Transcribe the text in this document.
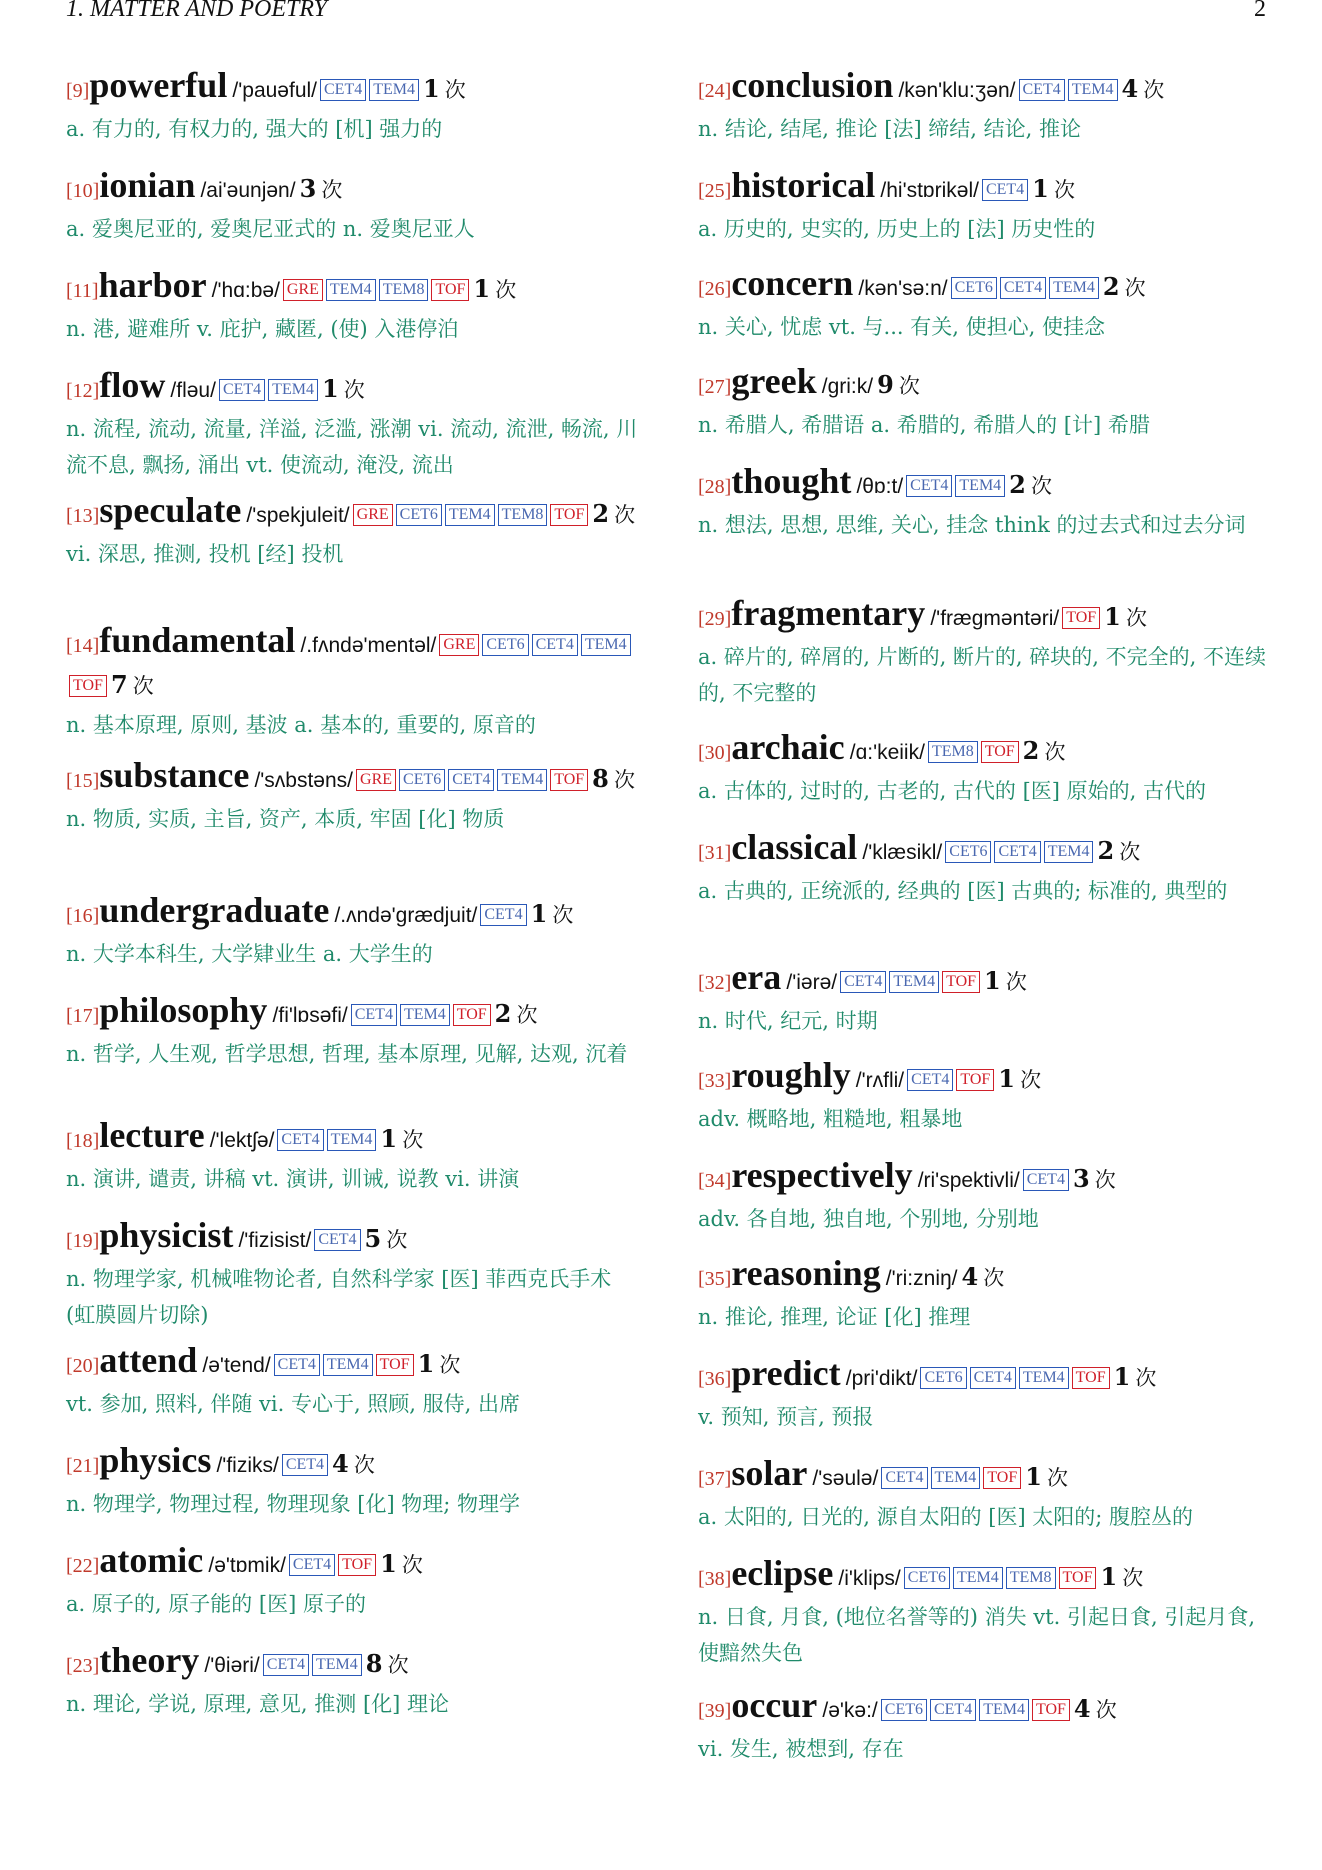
1. MATTER AND POETRY	2
[9]powerful /'pauəful/ CET4 TEM4 1 次
a. 有力的, 有权力的, 强大的 [机] 强力的
[10]ionian /ai'əunjən/ 3 次
a. 爱奥尼亚的, 爱奥尼亚式的 n. 爱奥尼亚人
[11]harbor /'hɑ:bə/ GRE TEM4 TEM8 TOF 1 次
n. 港, 避难所 v. 庇护, 藏匿, (使) 入港停泊
[12]flow /fləu/ CET4 TEM4 1 次
n. 流程, 流动, 流量, 洋溢, 泛滥, 涨潮 vi. 流动, 流泄, 畅流, 川流不息, 飘扬, 涌出 vt. 使流动, 淹没, 流出
[13]speculate /'spekjuleit/ GRE CET6 TEM4 TEM8 TOF 2 次
vi. 深思, 推测, 投机 [经] 投机
[14]fundamental /.fʌndə'mentəl/ GRE CET6 CET4 TEM4TOF 7 次
n. 基本原理, 原则, 基波 a. 基本的, 重要的, 原音的
[15]substance /'sʌbstəns/ GRE CET6 CET4 TEM4 TOF 8 次
n. 物质, 实质, 主旨, 资产, 本质, 牢固 [化] 物质
[16]undergraduate /.ʌndə'grædjuit/ CET4 1 次
n. 大学本科生, 大学肄业生 a. 大学生的
[17]philosophy /fi'lɒsəfi/ CET4 TEM4 TOF 2 次
n. 哲学, 人生观, 哲学思想, 哲理, 基本原理, 见解, 达观, 沉着
[18]lecture /'lektʃə/ CET4 TEM4 1 次
n. 演讲, 谴责, 讲稿 vt. 演讲, 训诫, 说教 vi. 讲演
[19]physicist /'fizisist/ CET4 5 次
n. 物理学家, 机械唯物论者, 自然科学家 [医] 菲西克氏手术 (虹膜圆片切除)
[20]attend /ə'tend/ CET4 TEM4 TOF 1 次
vt. 参加, 照料, 伴随 vi. 专心于, 照顾, 服侍, 出席
[21]physics /'fiziks/ CET4 4 次
n. 物理学, 物理过程, 物理现象 [化] 物理; 物理学
[22]atomic /ə'tɒmik/ CET4 TOF 1 次
a. 原子的, 原子能的 [医] 原子的
[23]theory /'θiəri/ CET4 TEM4 8 次
n. 理论, 学说, 原理, 意见, 推测 [化] 理论
[24]conclusion /kən'klu:ʒən/ CET4 TEM4 4 次
n. 结论, 结尾, 推论 [法] 缔结, 结论, 推论
[25]historical /hi'stɒrikəl/ CET4 1 次
a. 历史的, 史实的, 历史上的 [法] 历史性的
[26]concern /kən'sə:n/ CET6 CET4 TEM4 2 次
n. 关心, 忧虑 vt. 与... 有关, 使担心, 使挂念
[27]greek /gri:k/ 9 次
n. 希腊人, 希腊语 a. 希腊的, 希腊人的 [计] 希腊
[28]thought /θɒ:t/ CET4 TEM4 2 次
n. 想法, 思想, 思维, 关心, 挂念 think 的过去式和过去分词
[29]fragmentary /'frægməntəri/ TOF 1 次
a. 碎片的, 碎屑的, 片断的, 断片的, 碎块的, 不完全的, 不连续的, 不完整的
[30]archaic /ɑ:'keiik/ TEM8 TOF 2 次
a. 古体的, 过时的, 古老的, 古代的 [医] 原始的, 古代的
[31]classical /'klæsikl/ CET6 CET4 TEM4 2 次
a. 古典的, 正统派的, 经典的 [医] 古典的; 标准的, 典型的
[32]era /'iərə/ CET4 TEM4 TOF 1 次
n. 时代, 纪元, 时期
[33]roughly /'rʌfli/ CET4 TOF 1 次
adv. 概略地, 粗糙地, 粗暴地
[34]respectively /ri'spektivli/ CET4 3 次
adv. 各自地, 独自地, 个别地, 分别地
[35]reasoning /'ri:zniŋ/ 4 次
n. 推论, 推理, 论证 [化] 推理
[36]predict /pri'dikt/ CET6 CET4 TEM4 TOF 1 次
v. 预知, 预言, 预报
[37]solar /'səulə/ CET4 TEM4 TOF 1 次
a. 太阳的, 日光的, 源自太阳的 [医] 太阳的; 腹腔丛的
[38]eclipse /i'klips/ CET6 TEM4 TEM8 TOF 1 次
n. 日食, 月食, (地位名誉等的) 消失 vt. 引起日食, 引起月食, 使黯然失色
[39]occur /ə'kə:/ CET6 CET4 TEM4 TOF 4 次
vi. 发生, 被想到, 存在
